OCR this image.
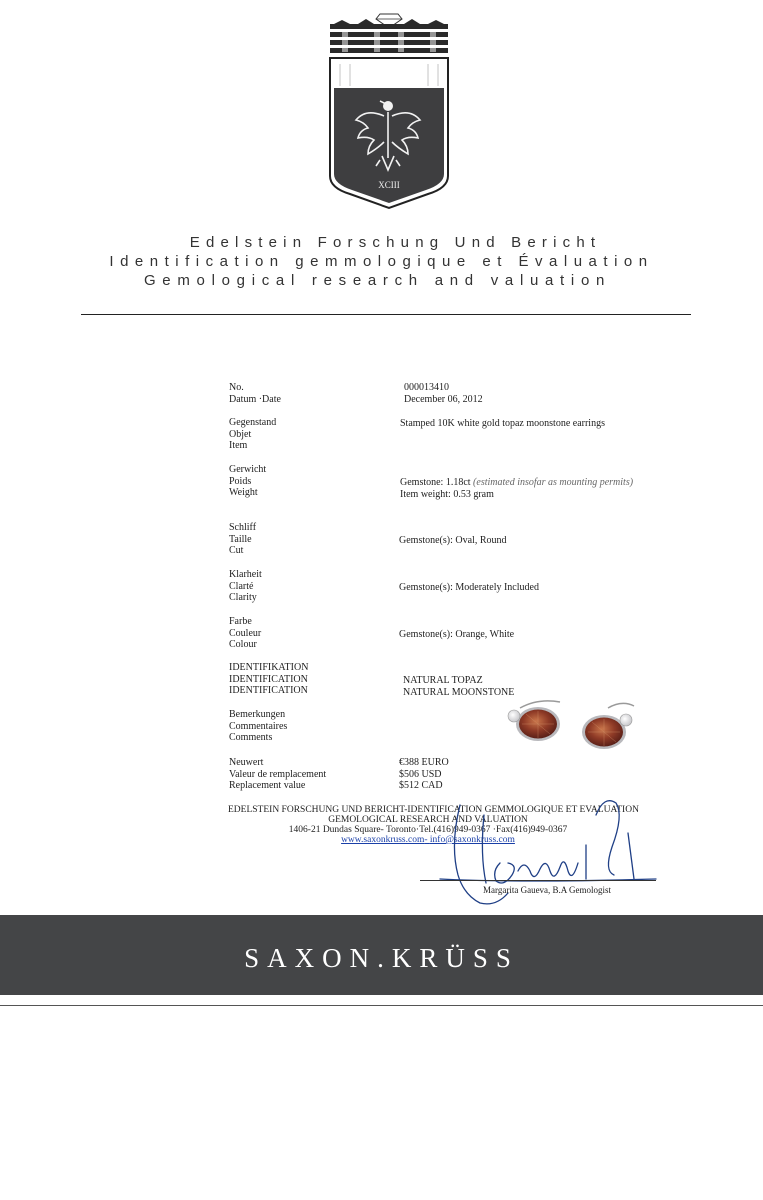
XCIII
Edelstein Forschung Und Bericht
Identification gemmologique et Évaluation
Gemological research and valuation
No.
Datum ·Date
000013410
December 06, 2012
Gegenstand
Objet
Item
Stamped 10K white gold topaz moonstone earrings
Gerwicht
Poids
Weight
Gemstone: 1.18ct (estimated insofar as mounting permits)
Item weight: 0.53 gram
Schliff
Taille
Cut
Gemstone(s): Oval, Round
Klarheit
Clarté
Clarity
Gemstone(s): Moderately Included
Farbe
Couleur
Colour
Gemstone(s): Orange, White
IDENTIFIKATION
IDENTIFICATION
IDENTIFICATION
NATURAL TOPAZ
NATURAL MOONSTONE
Bemerkungen
Commentaires
Comments
Neuwert
Valeur de remplacement
Replacement value
€388 EURO
$506 USD
$512 CAD
EDELSTEIN FORSCHUNG UND BERICHT-IDENTIFICATION GEMMOLOGIQUE ET EVALUATION
GEMOLOGICAL RESEARCH AND VALUATION
1406-21 Dundas Square- Toronto·Tel.(416)949-0367 ·Fax(416)949-0367
www.saxonkruss.com- info@saxonkruss.com
Margarita Gaueva, B.A Gemologist
SAXON.KRÜSS
